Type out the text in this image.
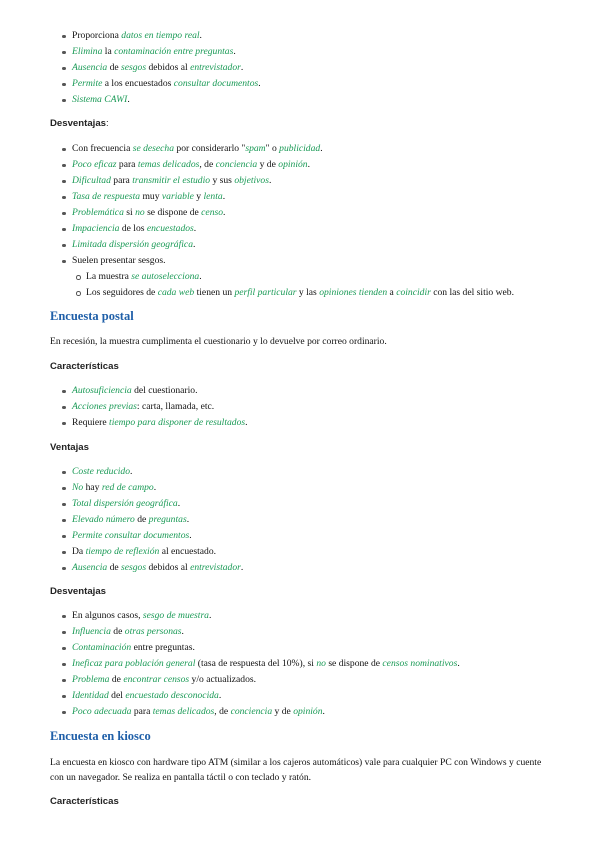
Proporciona datos en tiempo real.
Elimina la contaminación entre preguntas.
Ausencia de sesgos debidos al entrevistador.
Permite a los encuestados consultar documentos.
Sistema CAWI.
Desventajas:
Con frecuencia se desecha por considerarlo "spam" o publicidad.
Poco eficaz para temas delicados, de conciencia y de opinión.
Dificultad para transmitir el estudio y sus objetivos.
Tasa de respuesta muy variable y lenta.
Problemática si no se dispone de censo.
Impaciencia de los encuestados.
Limitada dispersión geográfica.
Suelen presentar sesgos.
La muestra se autoselecciona.
Los seguidores de cada web tienen un perfil particular y las opiniones tienden a coincidir con las del sitio web.
Encuesta postal
En recesión, la muestra cumplimenta el cuestionario y lo devuelve por correo ordinario.
Características
Autosuficiencia del cuestionario.
Acciones previas: carta, llamada, etc.
Requiere tiempo para disponer de resultados.
Ventajas
Coste reducido.
No hay red de campo.
Total dispersión geográfica.
Elevado número de preguntas.
Permite consultar documentos.
Da tiempo de reflexión al encuestado.
Ausencia de sesgos debidos al entrevistador.
Desventajas
En algunos casos, sesgo de muestra.
Influencia de otras personas.
Contaminación entre preguntas.
Ineficaz para población general (tasa de respuesta del 10%), si no se dispone de censos nominativos.
Problema de encontrar censos y/o actualizados.
Identidad del encuestado desconocida.
Poco adecuada para temas delicados, de conciencia y de opinión.
Encuesta en kiosco
La encuesta en kiosco con hardware tipo ATM (similar a los cajeros automáticos) vale para cualquier PC con Windows y cuente con un navegador. Se realiza en pantalla táctil o con teclado y ratón.
Características
